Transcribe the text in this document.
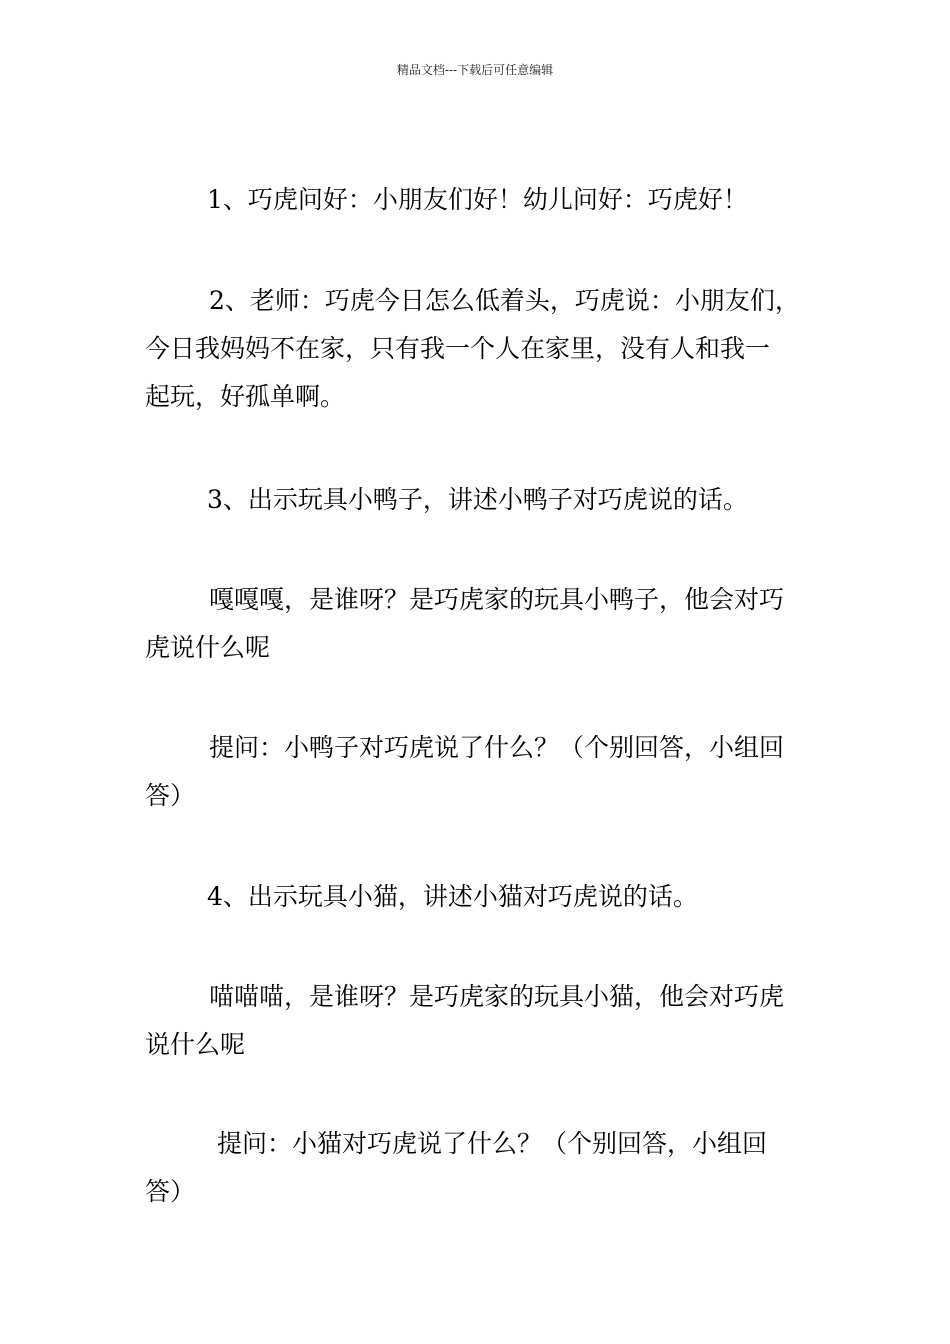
精品文档---下载后可任意编辑
1、巧虎问好：小朋友们好！幼儿问好：巧虎好！
2、老师：巧虎今日怎么低着头，巧虎说：小朋友们，
今日我妈妈不在家，只有我一个人在家里，没有人和我一
起玩，好孤单啊。
3、出示玩具小鸭子，讲述小鸭子对巧虎说的话。
嘎嘎嘎，是谁呀？是巧虎家的玩具小鸭子，他会对巧
虎说什么呢
提问：小鸭子对巧虎说了什么？（个别回答，小组回
答）
4、出示玩具小猫，讲述小猫对巧虎说的话。
喵喵喵，是谁呀？是巧虎家的玩具小猫，他会对巧虎
说什么呢
提问：小猫对巧虎说了什么？（个别回答，小组回
答）
